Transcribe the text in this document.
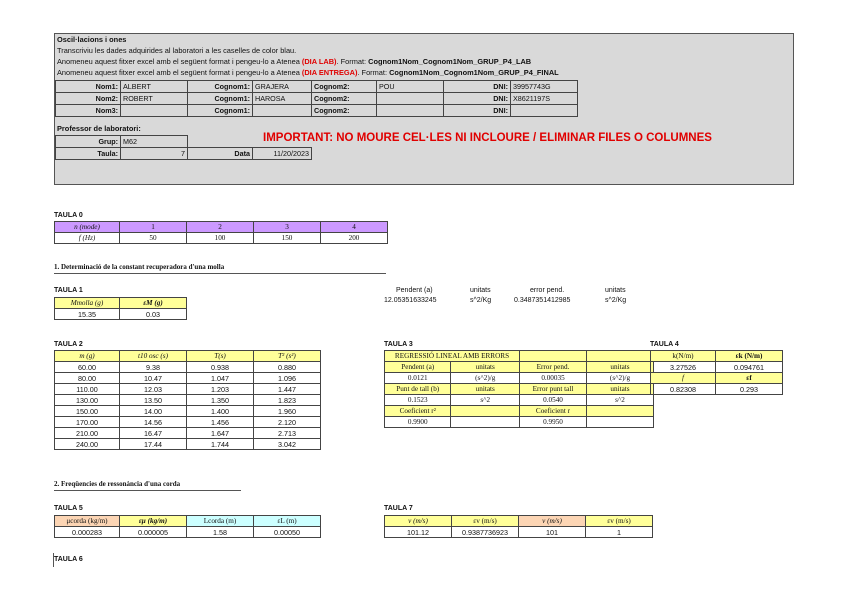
Oscil·lacions i ones
Transcriviu les dades adquirides al laboratori a les caselles de color blau.
Anomeneu aquest fitxer excel amb el següent format i pengeu-lo a Atenea (DIA LAB). Format: Cognom1Nom_Cognom1Nom_GRUP_P4_LAB
Anomeneu aquest fitxer excel amb el següent format i pengeu-lo a Atenea (DIA ENTREGA). Format: Cognom1Nom_Cognom1Nom_GRUP_P4_FINAL
Nom1:	ALBERT	Cognom1:	GRAJERA	Cognom2:	POU	DNI:	39957743G
Nom2:	ROBERT	Cognom1:	HAROSA	Cognom2:		DNI:	X8621197S
Nom3:		Cognom1:		Cognom2:		DNI:	
Professor de laboratori:
Grup:	M62		
Taula:	7	Data	11/20/2023
IMPORTANT: NO MOURE CEL·LES NI INCLOURE / ELIMINAR FILES O COLUMNES
TAULA 0
n (mode)	1	2	3	4
f (Hz)	50	100	150	200
1. Determinació de la constant recuperadora d'una molla
TAULA 1
Mmolla (g)	εM (g)
15.35	0.03
Pendent (a)	unitats	error pend.	unitats
12.05351633245	s^2/Kg	0.3487351412985	s^2/Kg
TAULA 2
m (g)	t10 osc (s)	T(s)	T² (s²)
60.00	9.38	0.938	0.880
80.00	10.47	1.047	1.096
110.00	12.03	1.203	1.447
130.00	13.50	1.350	1.823
150.00	14.00	1.400	1.960
170.00	14.56	1.456	2.120
210.00	16.47	1.647	2.713
240.00	17.44	1.744	3.042
TAULA 3
REGRESSIÓ LINEAL AMB ERRORS			
Pendent (a)	unitats	Error pend.	unitats
0.0121	(s^2)/g	0.00035	(s^2)/g
Punt de tall (b)	unitats	Error punt tall	unitats
0.1523	s^2	0.0540	s^2
Coeficient r²		Coeficient r	
0.9900		0.9950	
TAULA 4
k(N/m)	εk (N/m)
3.27526	0.094761
f	εf
0.82308	0.293
2. Freqüencies de ressonància d'una corda
TAULA 5
μcorda (kg/m)	εμ (kg/m)	Lcorda (m)	εL (m)
0.000283	0.000005	1.58	0.00050
TAULA 7
v (m/s)	εv (m/s)	v (m/s)	εv (m/s)
101.12	0.9387736923	101	1
TAULA 6
